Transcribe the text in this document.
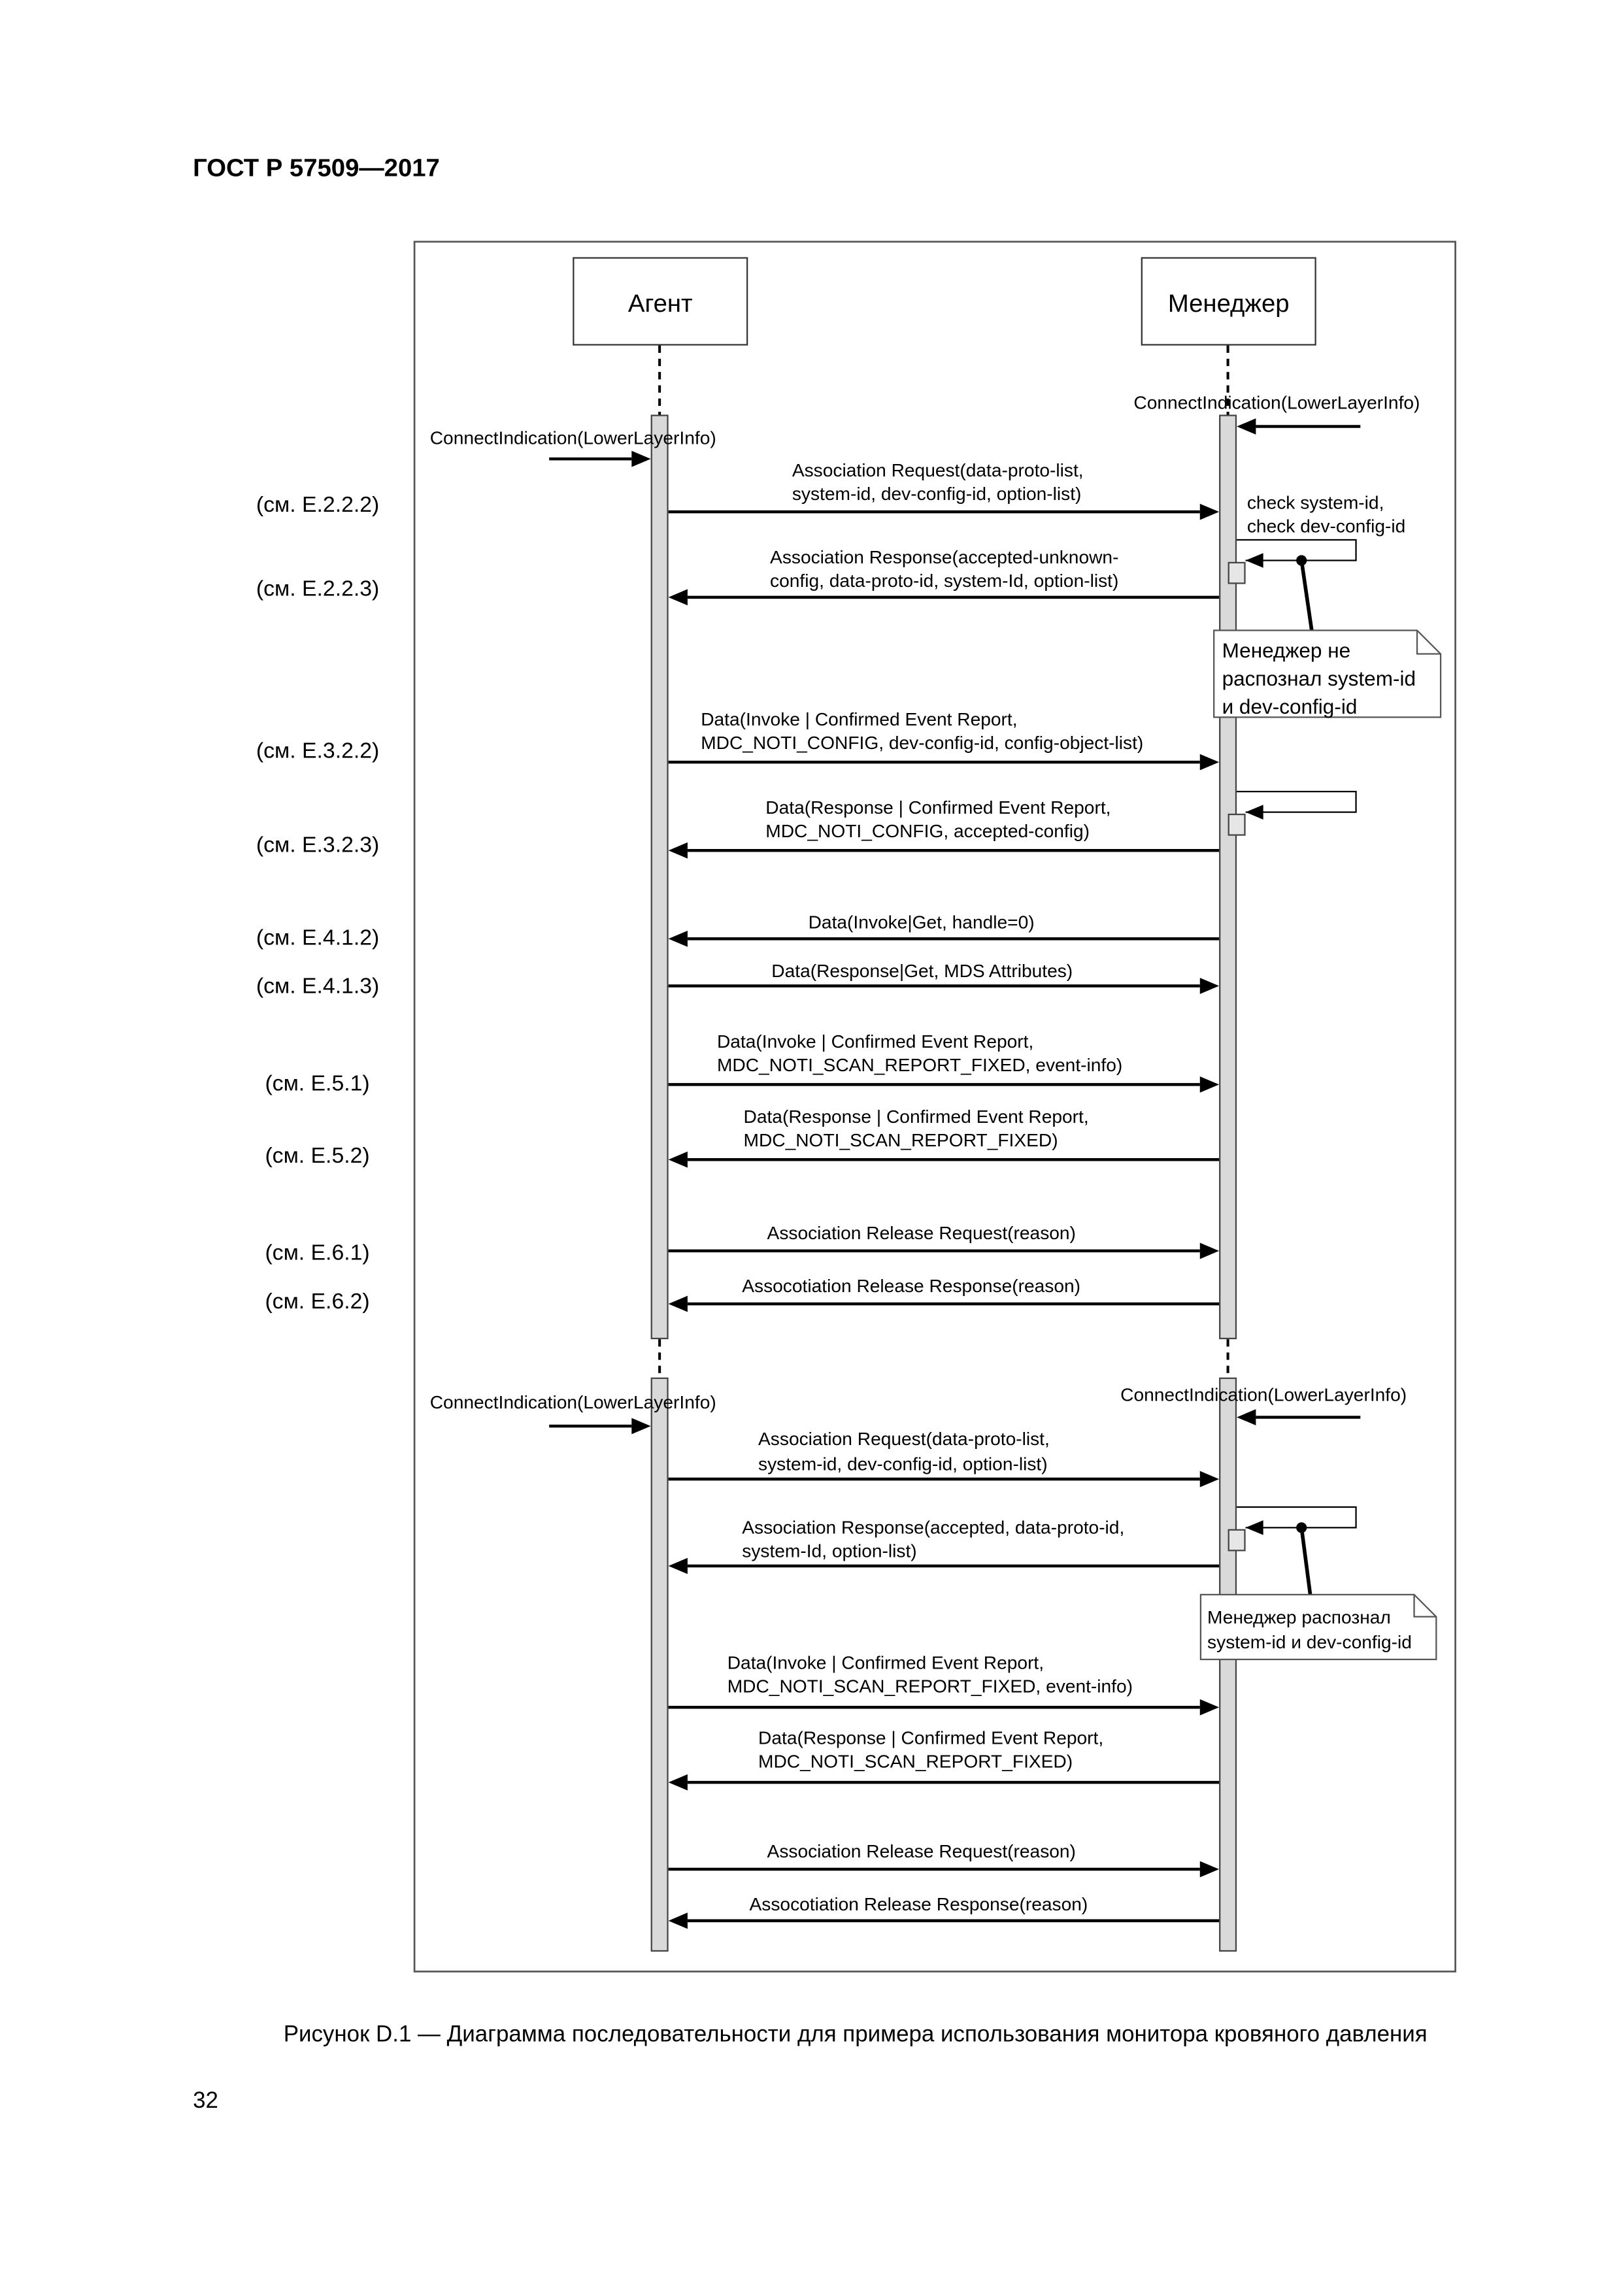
ГОСТ Р 57509—2017
Агент	Менеджер
Менеджер не
распознал system-id
и dev-config-id
Менеджер распознал
system-id и dev-config-id
ConnectIndication(LowerLayerInfo)
ConnectIndication(LowerLayerInfo)
Association Request(data-proto-list,
system-id, dev-config-id, option-list)	check system-id,
check dev-config-id
Association Response(accepted-unknown-
config, data-proto-id, system-Id, option-list)
Data(Invoke | Confirmed Event Report,
MDC_NOTI_CONFIG, dev-config-id, config-object-list)
Data(Response | Confirmed Event Report,
MDC_NOTI_CONFIG, accepted-config)
Data(Invoke|Get, handle=0)
Data(Response|Get, MDS Attributes)
Data(Invoke | Confirmed Event Report,
MDC_NOTI_SCAN_REPORT_FIXED, event-info)
Data(Response | Confirmed Event Report,
MDC_NOTI_SCAN_REPORT_FIXED)
Association Release Request(reason)
Assocotiation Release Response(reason)
ConnectIndication(LowerLayerInfo)	ConnectIndication(LowerLayerInfo)
Association Request(data-proto-list,
system-id, dev-config-id, option-list)
Association Response(accepted, data-proto-id,
system-Id, option-list)
Data(Invoke | Confirmed Event Report,
MDC_NOTI_SCAN_REPORT_FIXED, event-info)
Data(Response | Confirmed Event Report,
MDC_NOTI_SCAN_REPORT_FIXED)
Association Release Request(reason)
Assocotiation Release Response(reason)
(см. Е.2.2.2)
(см. Е.2.2.3)
(см. Е.3.2.2)
(см. Е.3.2.3)
(см. Е.4.1.2)
(см. Е.4.1.3)
(см. Е.5.1)
(см. Е.5.2)
(см. Е.6.1)
(см. Е.6.2)
Рисунок D.1 — Диаграмма последовательности для примера использования монитора кровяного давления
32
